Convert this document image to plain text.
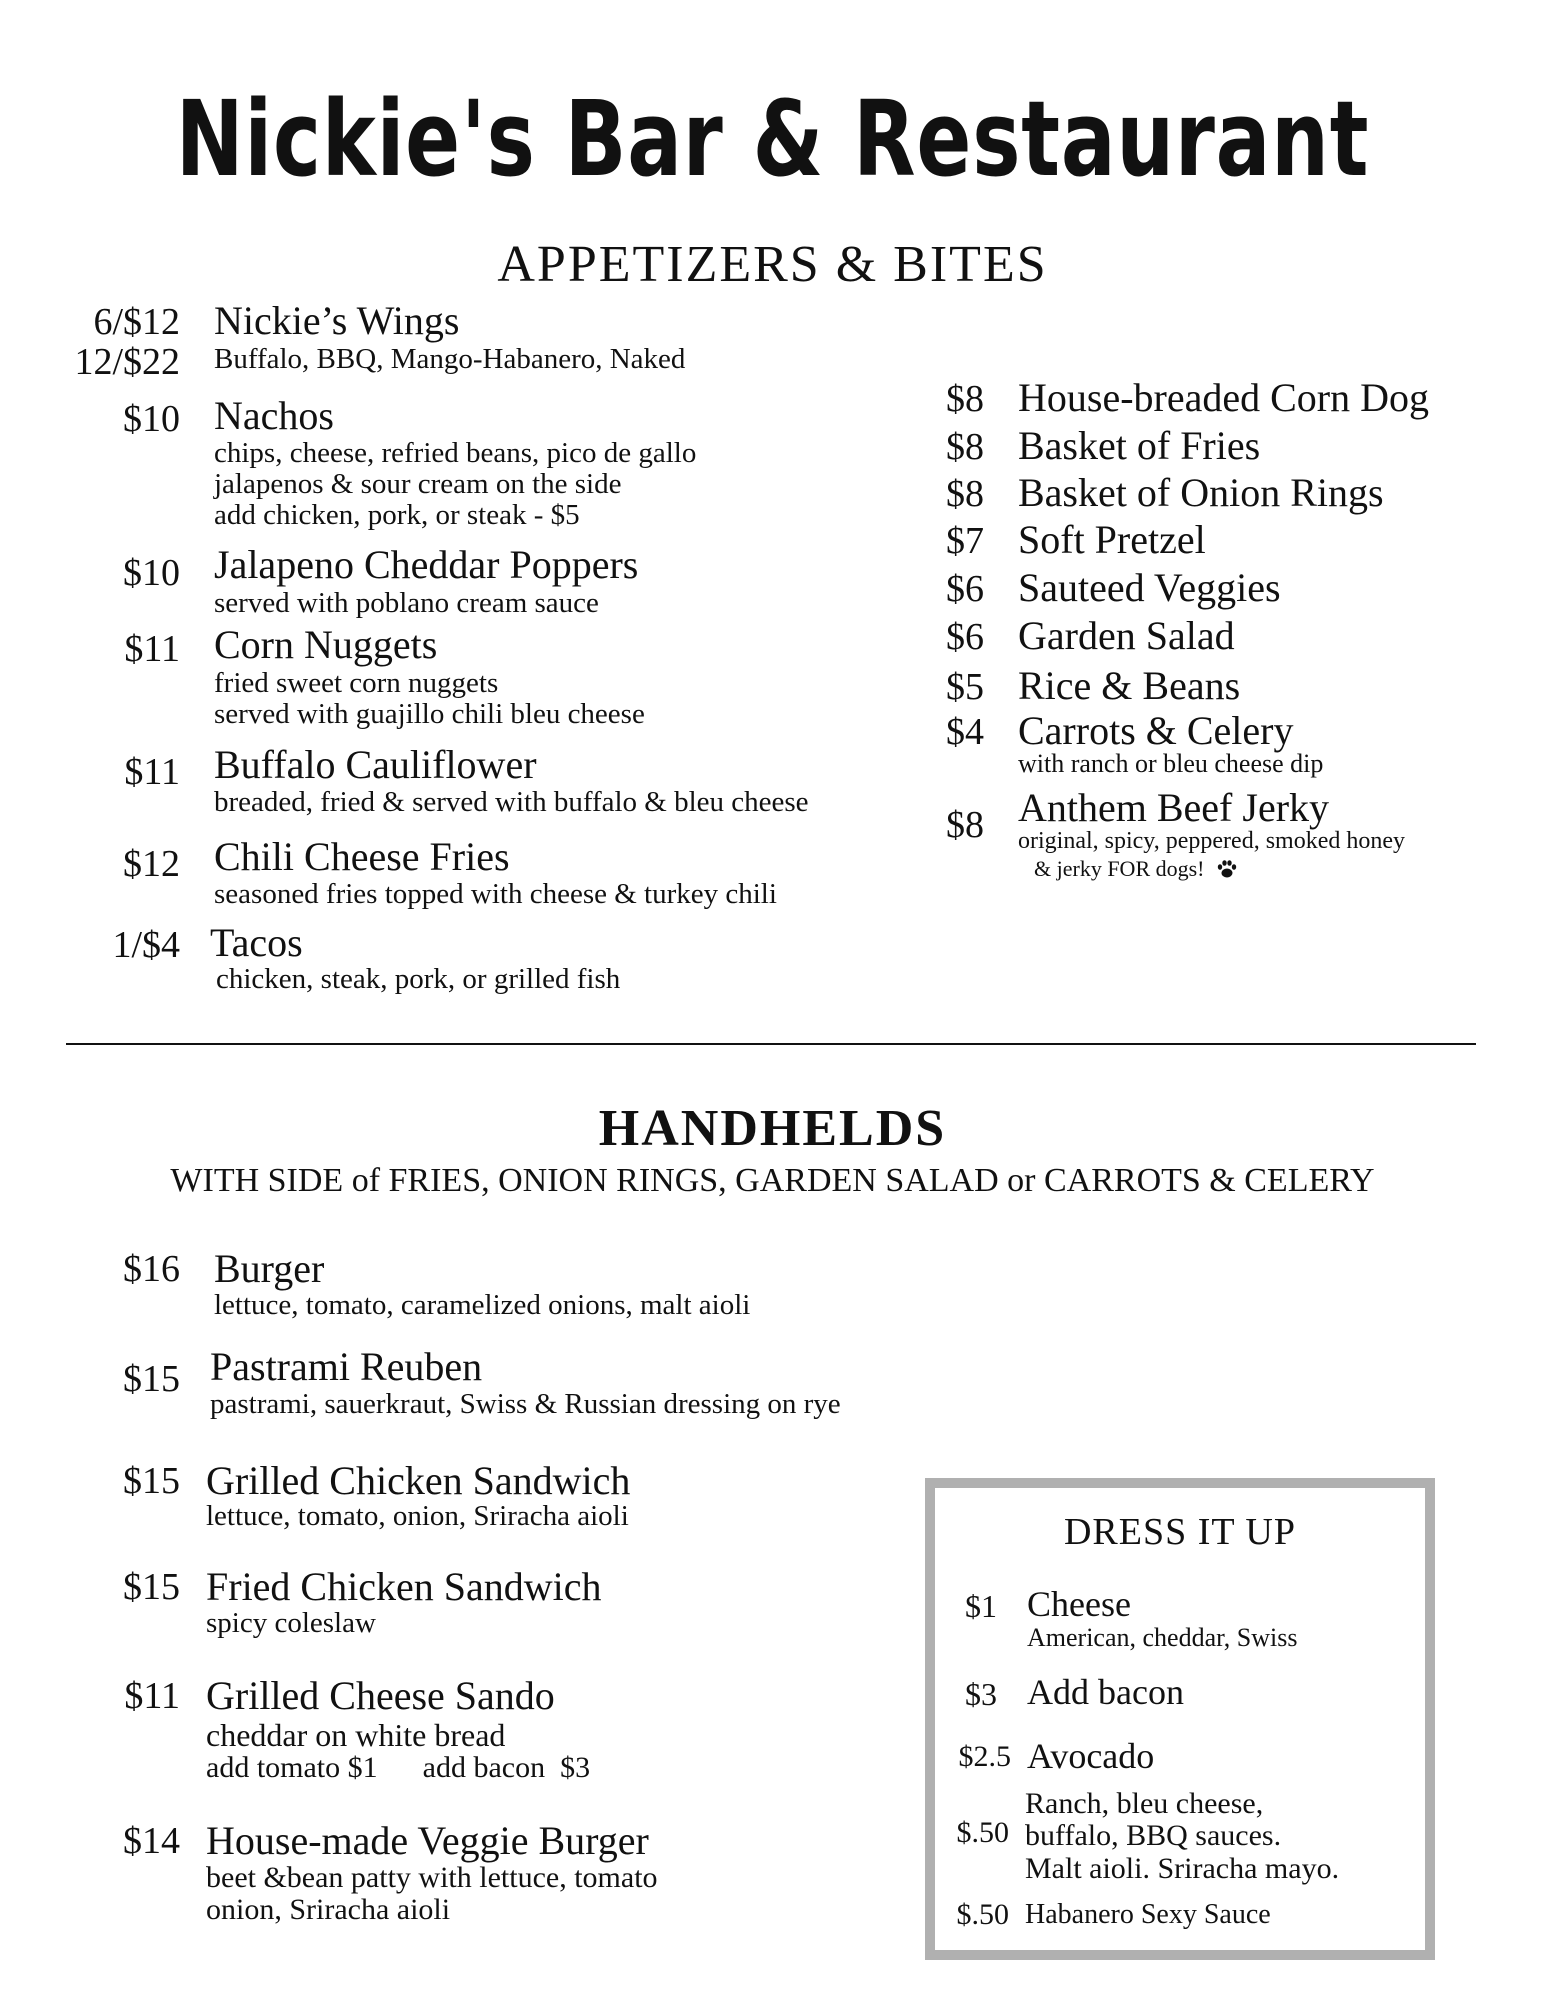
Nickie's Bar & Restaurant
APPETIZERS & BITES
6/$12
12/$22
Nickie’s Wings
Buffalo, BBQ, Mango-Habanero, Naked
$10 Nachos
chips, cheese, refried beans, pico de gallo
jalapenos & sour cream on the side
add chicken, pork, or steak - $5
$10 Jalapeno Cheddar Poppers
served with poblano cream sauce
$11 Corn Nuggets
fried sweet corn nuggets
served with guajillo chili bleu cheese
$11 Buffalo Cauliflower
breaded, fried & served with buffalo & bleu cheese
$12 Chili Cheese Fries
seasoned fries topped with cheese & turkey chili
1/$4 Tacos
chicken, steak, pork, or grilled fish
$8 House-breaded Corn Dog
$8 Basket of Fries
$8 Basket of Onion Rings
$7 Soft Pretzel
$6 Sauteed Veggies
$6 Garden Salad
$5 Rice & Beans
$4 Carrots & Celery
with ranch or bleu cheese dip
$8 Anthem Beef Jerky
original, spicy, peppered, smoked honey
& jerky FOR dogs!
HANDHELDS
WITH SIDE of FRIES, ONION RINGS, GARDEN SALAD or CARROTS & CELERY
$16 Burger
lettuce, tomato, caramelized onions, malt aioli
$15 Pastrami Reuben
pastrami, sauerkraut, Swiss & Russian dressing on rye
$15 Grilled Chicken Sandwich
lettuce, tomato, onion, Sriracha aioli
$15 Fried Chicken Sandwich
spicy coleslaw
$11 Grilled Cheese Sando
cheddar on white bread
add tomato $1      add bacon  $3
$14 House-made Veggie Burger
beet &bean patty with lettuce, tomato
onion, Sriracha aioli
DRESS IT UP
$1 Cheese
American, cheddar, Swiss
$3 Add bacon
$2.5 Avocado
$.50
Ranch, bleu cheese,
buffalo, BBQ sauces.
Malt aioli. Sriracha mayo.
$.50 Habanero Sexy Sauce
